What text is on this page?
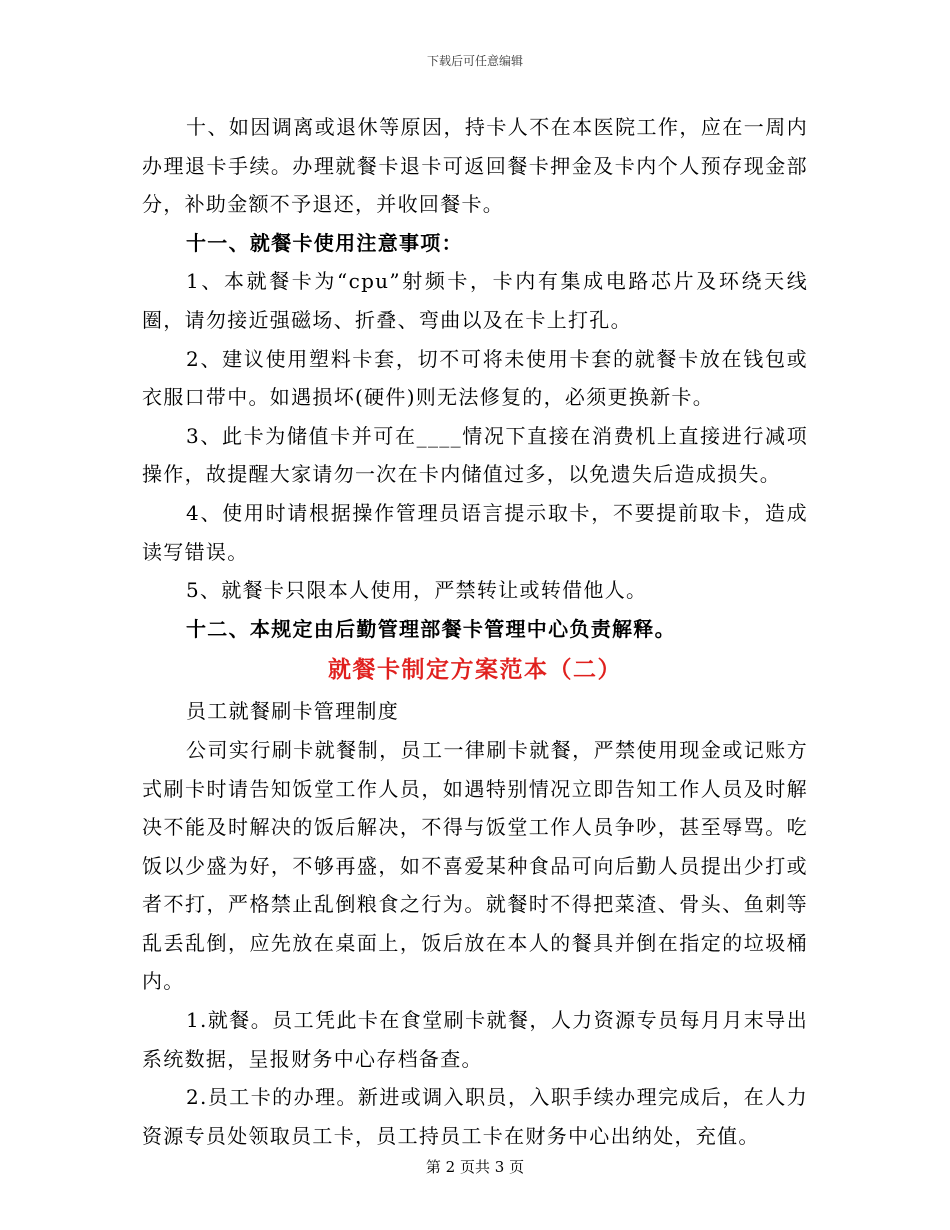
下载后可任意编辑

十、如因调离或退休等原因，持卡人不在本医院工作，应在一周内办理退卡手续。办理就餐卡退卡可返回餐卡押金及卡内个人预存现金部分，补助金额不予退还，并收回餐卡。

十一、就餐卡使用注意事项：

1、本就餐卡为“cpu”射频卡，卡内有集成电路芯片及环绕天线圈，请勿接近强磁场、折叠、弯曲以及在卡上打孔。

2、建议使用塑料卡套，切不可将未使用卡套的就餐卡放在钱包或衣服口带中。如遇损坏(硬件)则无法修复的，必须更换新卡。

3、此卡为储值卡并可在____情况下直接在消费机上直接进行减项操作，故提醒大家请勿一次在卡内储值过多，以免遗失后造成损失。

4、使用时请根据操作管理员语言提示取卡，不要提前取卡，造成读写错误。

5、就餐卡只限本人使用，严禁转让或转借他人。

十二、本规定由后勤管理部餐卡管理中心负责解释。

就餐卡制定方案范本（二）

员工就餐刷卡管理制度

公司实行刷卡就餐制，员工一律刷卡就餐，严禁使用现金或记账方式刷卡时请告知饭堂工作人员，如遇特别情况立即告知工作人员及时解决不能及时解决的饭后解决，不得与饭堂工作人员争吵，甚至辱骂。吃饭以少盛为好，不够再盛，如不喜爱某种食品可向后勤人员提出少打或者不打，严格禁止乱倒粮食之行为。就餐时不得把菜渣、骨头、鱼刺等乱丢乱倒，应先放在桌面上，饭后放在本人的餐具并倒在指定的垃圾桶内。

1.就餐。员工凭此卡在食堂刷卡就餐，人力资源专员每月月末导出系统数据，呈报财务中心存档备查。

2.员工卡的办理。新进或调入职员，入职手续办理完成后，在人力资源专员处领取员工卡，员工持员工卡在财务中心出纳处，充值。

第 2 页共 3 页
